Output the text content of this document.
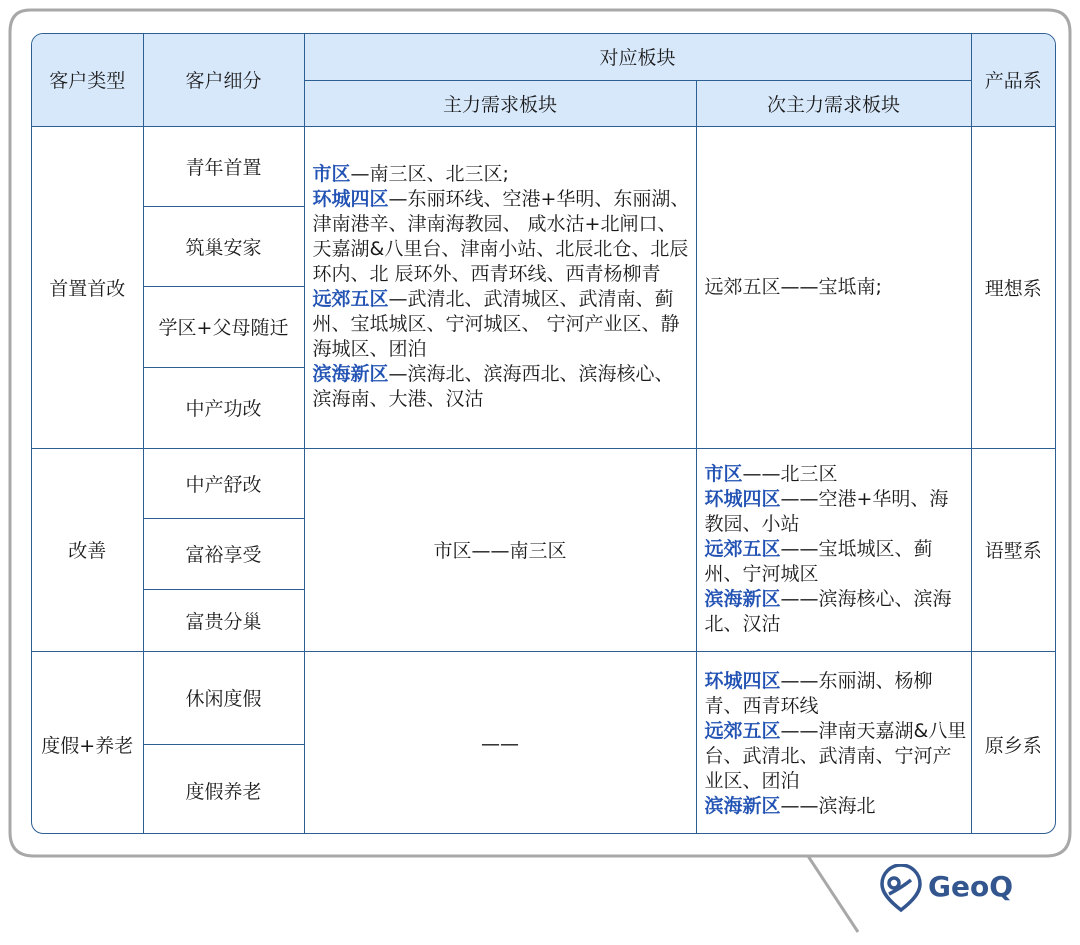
客户类型	客户细分	对应板块		产品系
		主力需求板块	次主力需求板块	
首置首改	青年首置	市区—南三区、北三区;
环城四区—东丽环线、空港+华明、东丽湖、津南港辛、津南海教园、 咸水沽+北闸口、天嘉湖&八里台、津南小站、北辰北仓、北辰环内、北 辰环外、西青环线、西青杨柳青
远郊五区—武清北、武清城区、武清南、蓟州、宝坻城区、宁河城区、 宁河产业区、静海城区、团泊
滨海新区—滨海北、滨海西北、滨海核心、滨海南、大港、汉沽	远郊五区——宝坻南;	理想系
	筑巢安家			
	学区+父母随迁			
	中产功改			
改善	中产舒改	市区——南三区	市区——北三区
环城四区——空港+华明、海教园、小站
远郊五区——宝坻城区、蓟州、宁河城区
滨海新区——滨海核心、滨海北、汉沽	语墅系
	富裕享受			
	富贵分巢			
度假+养老	休闲度假	——	环城四区——东丽湖、杨柳青、西青环线
远郊五区——津南天嘉湖&八里台、武清北、武清南、宁河产业区、团泊
滨海新区——滨海北	原乡系
	度假养老			
GeoQ
